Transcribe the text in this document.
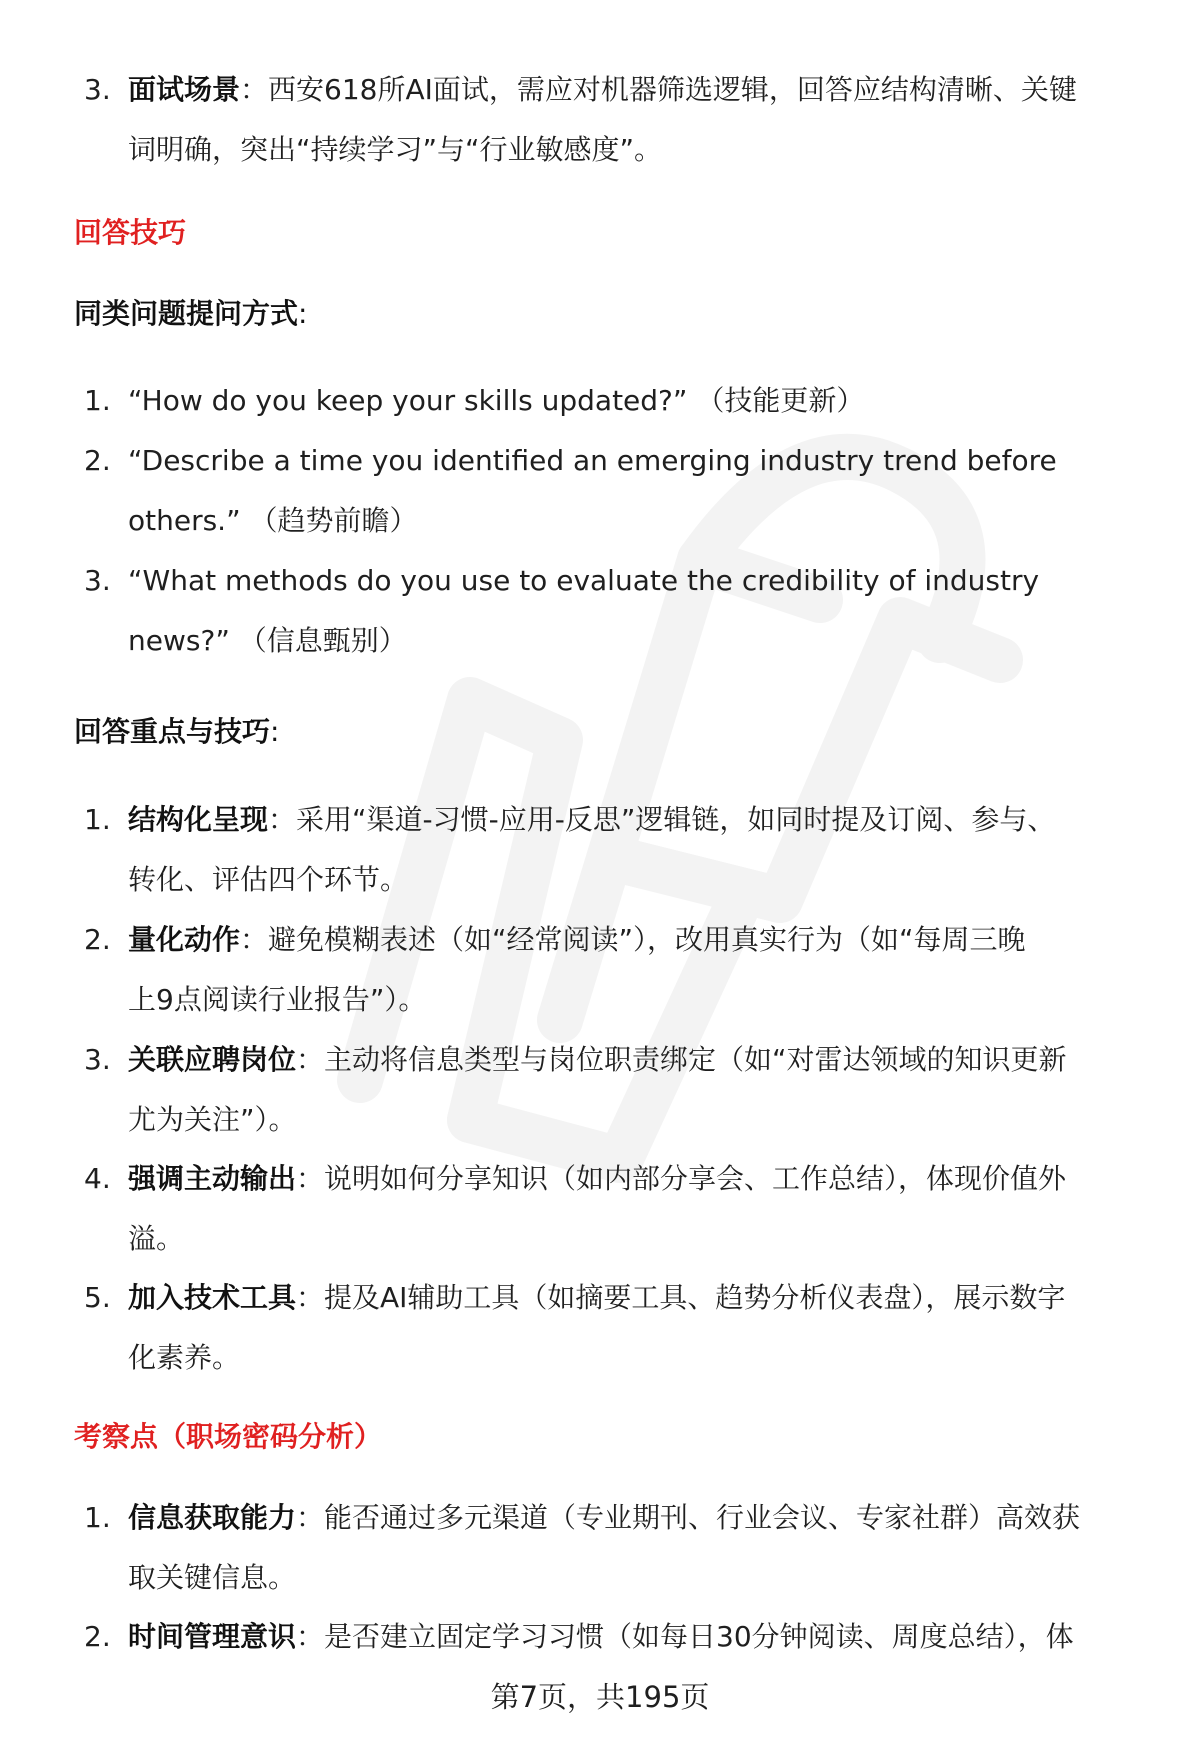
3. 面试场景：西安618所AI面试，需应对机器筛选逻辑，回答应结构清晰、关键
词明确，突出“持续学习”与“行业敏感度”。
回答技巧
同类问题提问方式:
1. “How do you keep your skills updated?” （技能更新）
2. “Describe a time you identified an emerging industry trend before
others.” （趋势前瞻）
3. “What methods do you use to evaluate the credibility of industry
news?” （信息甄别）
回答重点与技巧:
1. 结构化呈现：采用“渠道-习惯-应用-反思”逻辑链，如同时提及订阅、参与、
转化、评估四个环节。
2. 量化动作：避免模糊表述（如“经常阅读”），改用真实行为（如“每周三晚
上9点阅读行业报告”）。
3. 关联应聘岗位：主动将信息类型与岗位职责绑定（如“对雷达领域的知识更新
尤为关注”）。
4. 强调主动输出：说明如何分享知识（如内部分享会、工作总结），体现价值外
溢。
5. 加入技术工具：提及AI辅助工具（如摘要工具、趋势分析仪表盘），展示数字
化素养。
考察点（职场密码分析）
1. 信息获取能力：能否通过多元渠道（专业期刊、行业会议、专家社群）高效获
取关键信息。
2. 时间管理意识：是否建立固定学习习惯（如每日30分钟阅读、周度总结），体
第7页，共195页
